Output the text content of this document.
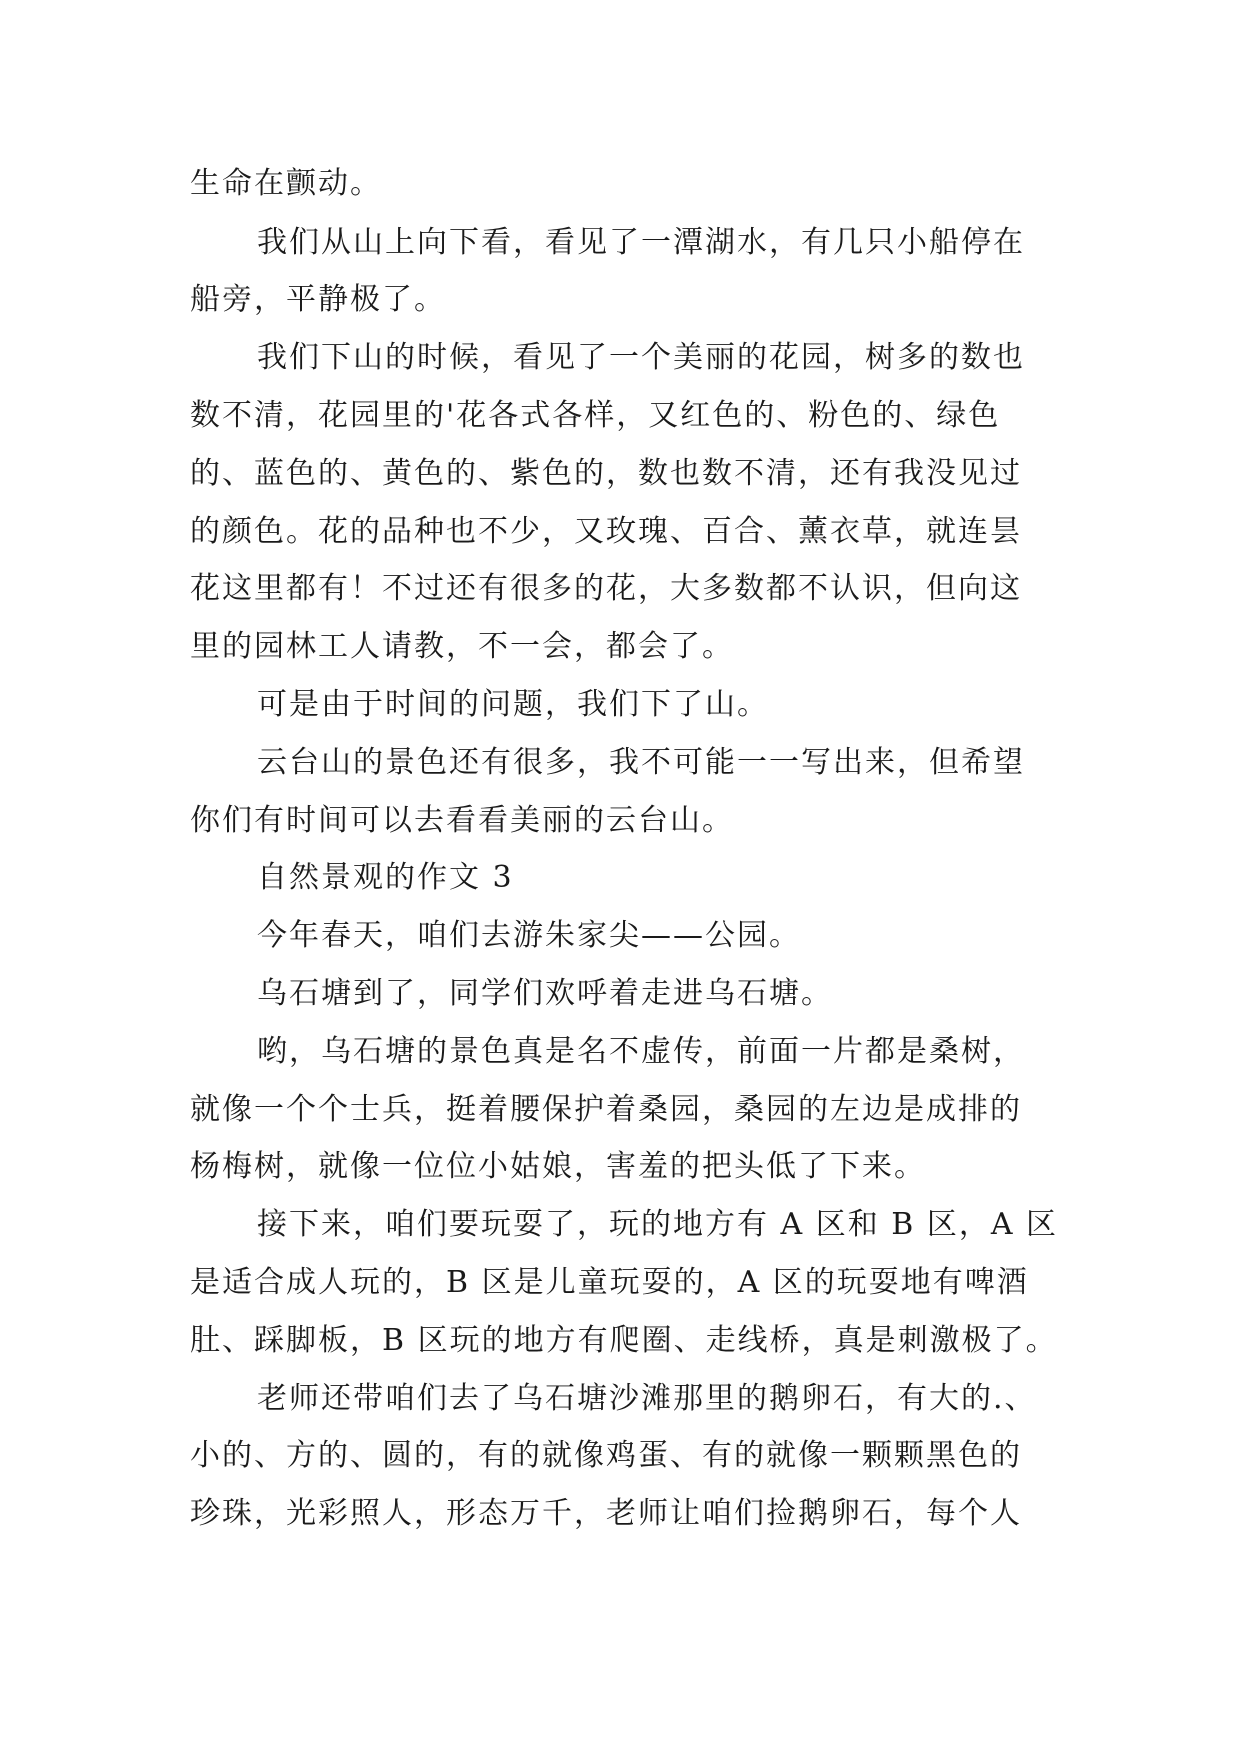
生命在颤动。
我们从山上向下看，看见了一潭湖水，有几只小船停在
船旁，平静极了。
我们下山的时候，看见了一个美丽的花园，树多的数也
数不清，花园里的'花各式各样，又红色的、粉色的、绿色
的、蓝色的、黄色的、紫色的，数也数不清，还有我没见过
的颜色。花的品种也不少，又玫瑰、百合、薰衣草，就连昙
花这里都有！不过还有很多的花，大多数都不认识，但向这
里的园林工人请教，不一会，都会了。
可是由于时间的问题，我们下了山。
云台山的景色还有很多，我不可能一一写出来，但希望
你们有时间可以去看看美丽的云台山。
自然景观的作文 3
今年春天，咱们去游朱家尖——公园。
乌石塘到了，同学们欢呼着走进乌石塘。
哟，乌石塘的景色真是名不虚传，前面一片都是桑树，
就像一个个士兵，挺着腰保护着桑园，桑园的左边是成排的
杨梅树，就像一位位小姑娘，害羞的把头低了下来。
接下来，咱们要玩耍了，玩的地方有 A 区和 B 区，A 区
是适合成人玩的，B 区是儿童玩耍的，A 区的玩耍地有啤酒
肚、踩脚板，B 区玩的地方有爬圈、走线桥，真是刺激极了。
老师还带咱们去了乌石塘沙滩那里的鹅卵石，有大的.、
小的、方的、圆的，有的就像鸡蛋、有的就像一颗颗黑色的
珍珠，光彩照人，形态万千，老师让咱们捡鹅卵石，每个人
